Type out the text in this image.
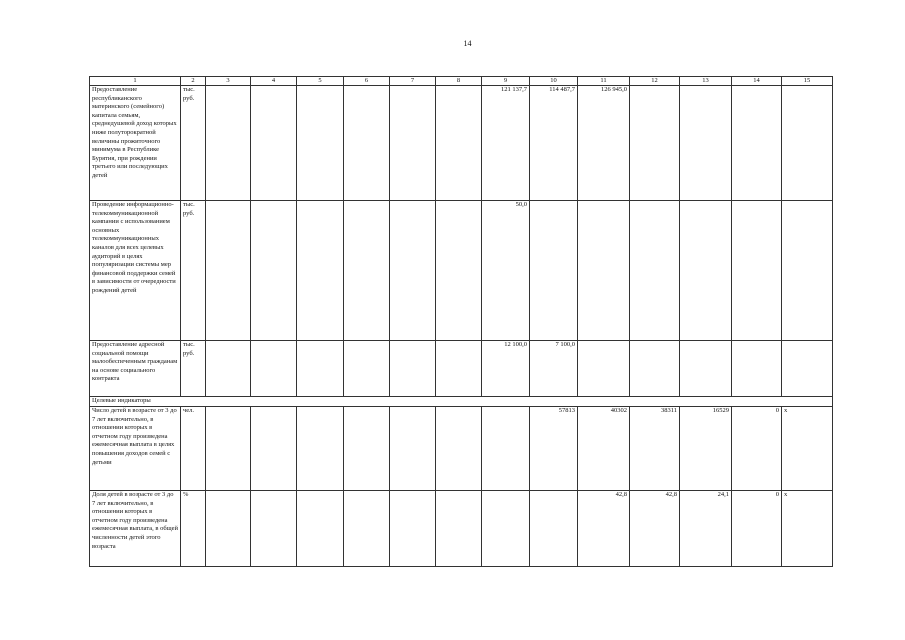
14
1	2	3	4	5	6	7	8	9	10	11	12	13	14	15
Предоставление республиканского материнского (семейного) капитала семьям, среднедушевой доход которых ниже полуторократной величины прожиточного минимума в Республике Бурятия, при рождении третьего или последующих детей	тыс. руб.							121 137,7	114 487,7	126 945,0				
Проведение информационно-телекоммуникационной кампании с использованием основных телекоммуникационных каналов для всех целевых аудиторий в целях популяризации системы мер финансовой поддержки семей в зависимости от очередности рождений детей	тыс. руб.							50,0						
Предоставление адресной социальной помощи малообеспеченным гражданам на основе социального контракта	тыс. руб.							12 100,0	7 100,0					
Целевые индикаторы														
Число детей в возрасте от 3 до 7 лет включительно, в отношении которых в отчетном году произведена ежемесячная выплата в целях повышения доходов семей с детьми	чел.								57813	40302	38311	16529	0	х
Доля детей в возрасте от 3 до 7 лет включительно, в отношении которых в отчетном году произведена ежемесячная выплата, в общей численности детей этого возраста	%									42,8	42,8	24,1	0	х
